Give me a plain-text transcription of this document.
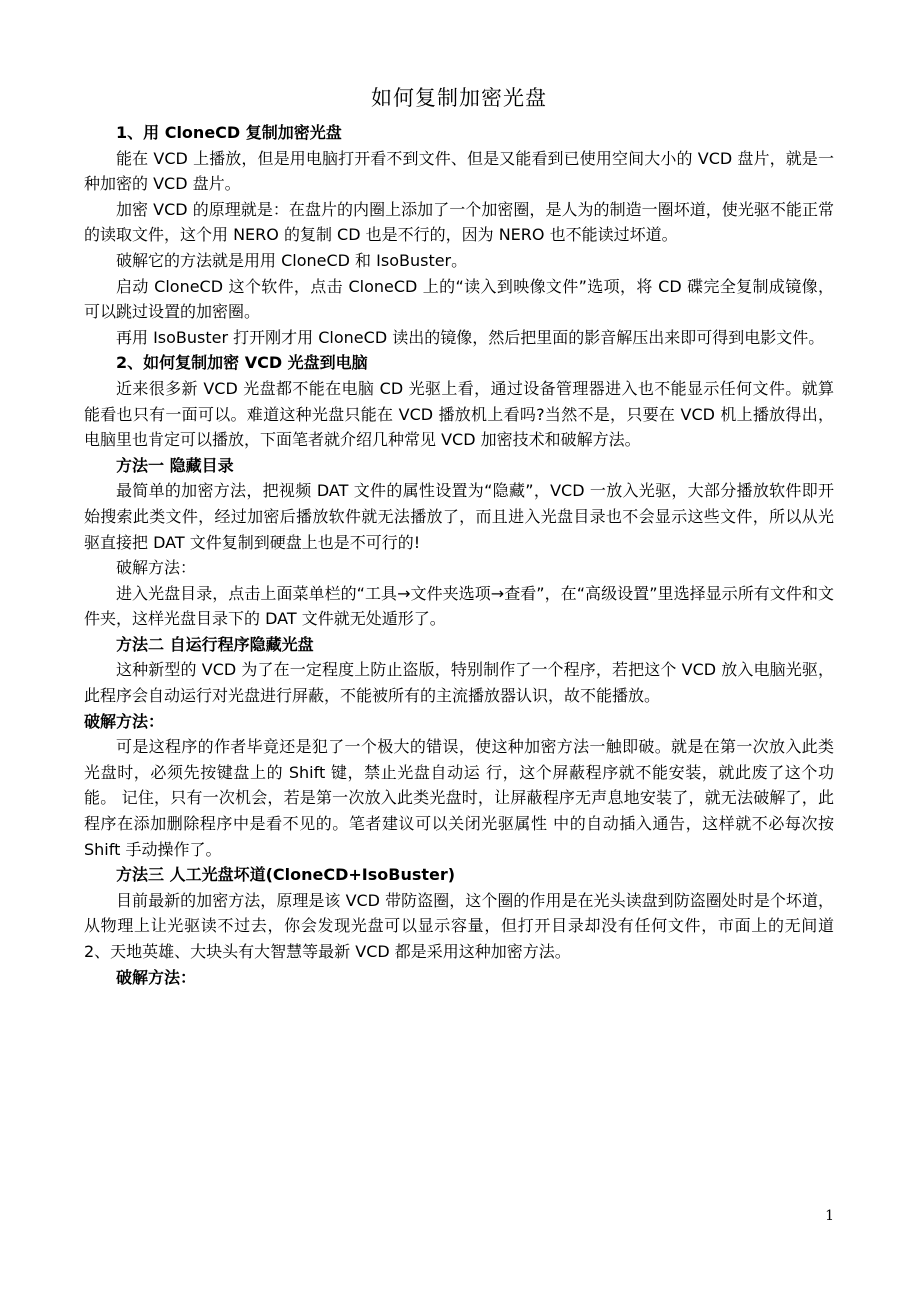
如何复制加密光盘

1、用 CloneCD 复制加密光盘

能在 VCD 上播放，但是用电脑打开看不到文件、但是又能看到已使用空间大小的 VCD 盘片，就是一种加密的 VCD 盘片。

加密 VCD 的原理就是：在盘片的内圈上添加了一个加密圈，是人为的制造一圈坏道，使光驱不能正常的读取文件，这个用 NERO 的复制 CD 也是不行的，因为 NERO 也不能读过坏道。

破解它的方法就是用用 CloneCD 和 IsoBuster。

启动 CloneCD 这个软件，点击 CloneCD 上的“读入到映像文件”选项，将 CD 碟完全复制成镜像，可以跳过设置的加密圈。

再用 IsoBuster 打开刚才用 CloneCD 读出的镜像，然后把里面的影音解压出来即可得到电影文件。

2、如何复制加密 VCD 光盘到电脑

近来很多新 VCD 光盘都不能在电脑 CD 光驱上看，通过设备管理器进入也不能显示任何文件。就算能看也只有一面可以。难道这种光盘只能在 VCD 播放机上看吗?当然不是，只要在 VCD 机上播放得出，电脑里也肯定可以播放，下面笔者就介绍几种常见 VCD 加密技术和破解方法。

方法一 隐藏目录

最简单的加密方法，把视频 DAT 文件的属性设置为“隐藏”，VCD 一放入光驱，大部分播放软件即开始搜索此类文件，经过加密后播放软件就无法播放了，而且进入光盘目录也不会显示这些文件，所以从光驱直接把 DAT 文件复制到硬盘上也是不可行的!

破解方法：

进入光盘目录，点击上面菜单栏的“工具→文件夹选项→查看”，在“高级设置”里选择显示所有文件和文件夹，这样光盘目录下的 DAT 文件就无处遁形了。

方法二 自运行程序隐藏光盘

这种新型的 VCD 为了在一定程度上防止盗版，特别制作了一个程序，若把这个 VCD 放入电脑光驱，此程序会自动运行对光盘进行屏蔽，不能被所有的主流播放器认识，故不能播放。

破解方法：

可是这程序的作者毕竟还是犯了一个极大的错误，使这种加密方法一触即破。就是在第一次放入此类光盘时，必须先按键盘上的 Shift 键，禁止光盘自动运 行，这个屏蔽程序就不能安装，就此废了这个功能。 记住，只有一次机会，若是第一次放入此类光盘时，让屏蔽程序无声息地安装了，就无法破解了，此程序在添加删除程序中是看不见的。笔者建议可以关闭光驱属性 中的自动插入通告，这样就不必每次按 Shift 手动操作了。

方法三 人工光盘坏道(CloneCD+IsoBuster)

目前最新的加密方法，原理是该 VCD 带防盗圈，这个圈的作用是在光头读盘到防盗圈处时是个坏道，从物理上让光驱读不过去，你会发现光盘可以显示容量，但打开目录却没有任何文件，市面上的无间道 2、天地英雄、大块头有大智慧等最新 VCD 都是采用这种加密方法。

破解方法：

1
